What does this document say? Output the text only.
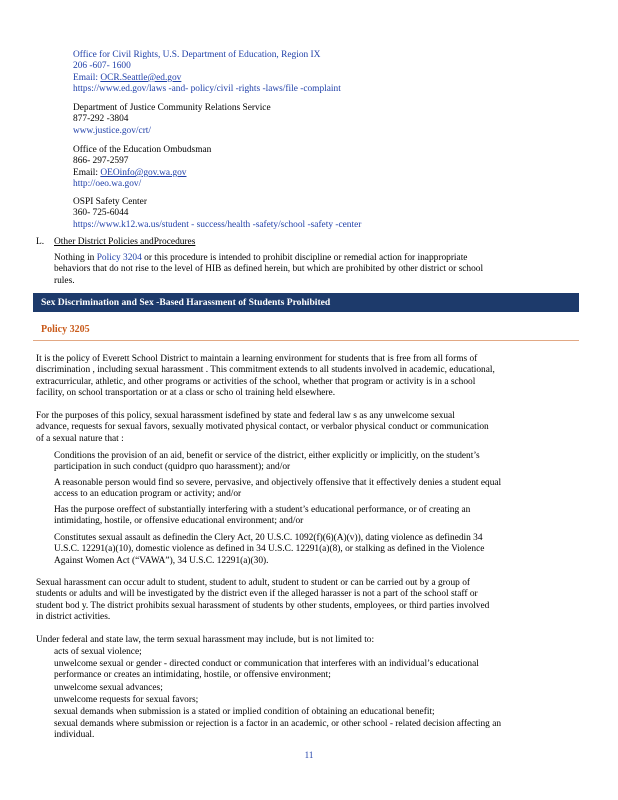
Office for Civil Rights, U.S. Department of Education, Region IX
206 -607- 1600
Email: OCR.Seattle@ed.gov
https://www.ed.gov/laws -and- policy/civil -rights -laws/file -complaint
Department of Justice Community Relations Service
877-292 -3804
www.justice.gov/crt/
Office of the Education Ombudsman
866- 297-2597
Email: OEOinfo@gov.wa.gov
http://oeo.wa.gov/
OSPI Safety Center
360- 725-6044
https://www.k12.wa.us/student - success/health -safety/school -safety -center
L. Other District Policies andProcedures
Nothing in Policy 3204 or this procedure is intended to prohibit discipline or remedial action for inappropriate
behaviors that do not rise to the level of HIB as defined herein, but which are prohibited by other district or school
rules.
Sex Discrimination and Sex -Based Harassment of Students Prohibited
Policy 3205
It is the policy of Everett School District to maintain a learning environment for students that is free from all forms of
discrimination , including sexual harassment . This commitment extends to all students involved in academic, educational,
extracurricular, athletic, and other programs or activities of the school, whether that program or activity is in a school
facility, on school transportation or at a class or scho ol training held elsewhere.
For the purposes of this policy, sexual harassment isdefined by state and federal law s as any unwelcome sexual
advance, requests for sexual favors, sexually motivated physical contact, or verbalor physical conduct or communication
of a sexual nature that :
Conditions the provision of an aid, benefit or service of the district, either explicitly or implicitly, on the student’s
participation in such conduct (quidpro quo harassment); and/or
A reasonable person would find so severe, pervasive, and objectively offensive that it effectively denies a student equal
access to an education program or activity; and/or
Has the purpose oreffect of substantially interfering with a student’s educational performance, or of creating an
intimidating, hostile, or offensive educational environment; and/or
Constitutes sexual assault as definedin the Clery Act, 20 U.S.C. 1092(f)(6)(A)(v)), dating violence as definedin 34
U.S.C. 12291(a)(10), domestic violence as defined in 34 U.S.C. 12291(a)(8), or stalking as defined in the Violence
Against Women Act (“VAWA”), 34 U.S.C. 12291(a)(30).
Sexual harassment can occur adult to student, student to adult, student to student or can be carried out by a group of
students or adults and will be investigated by the district even if the alleged harasser is not a part of the school staff or
student bod y. The district prohibits sexual harassment of students by other students, employees, or third parties involved
in district activities.
Under federal and state law, the term sexual harassment may include, but is not limited to:
acts of sexual violence;
unwelcome sexual or gender - directed conduct or communication that interferes with an individual’s educational
performance or creates an intimidating, hostile, or offensive environment;
unwelcome sexual advances;
unwelcome requests for sexual favors;
sexual demands when submission is a stated or implied condition of obtaining an educational benefit;
sexual demands where submission or rejection is a factor in an academic, or other school - related decision affecting an
individual.
11
